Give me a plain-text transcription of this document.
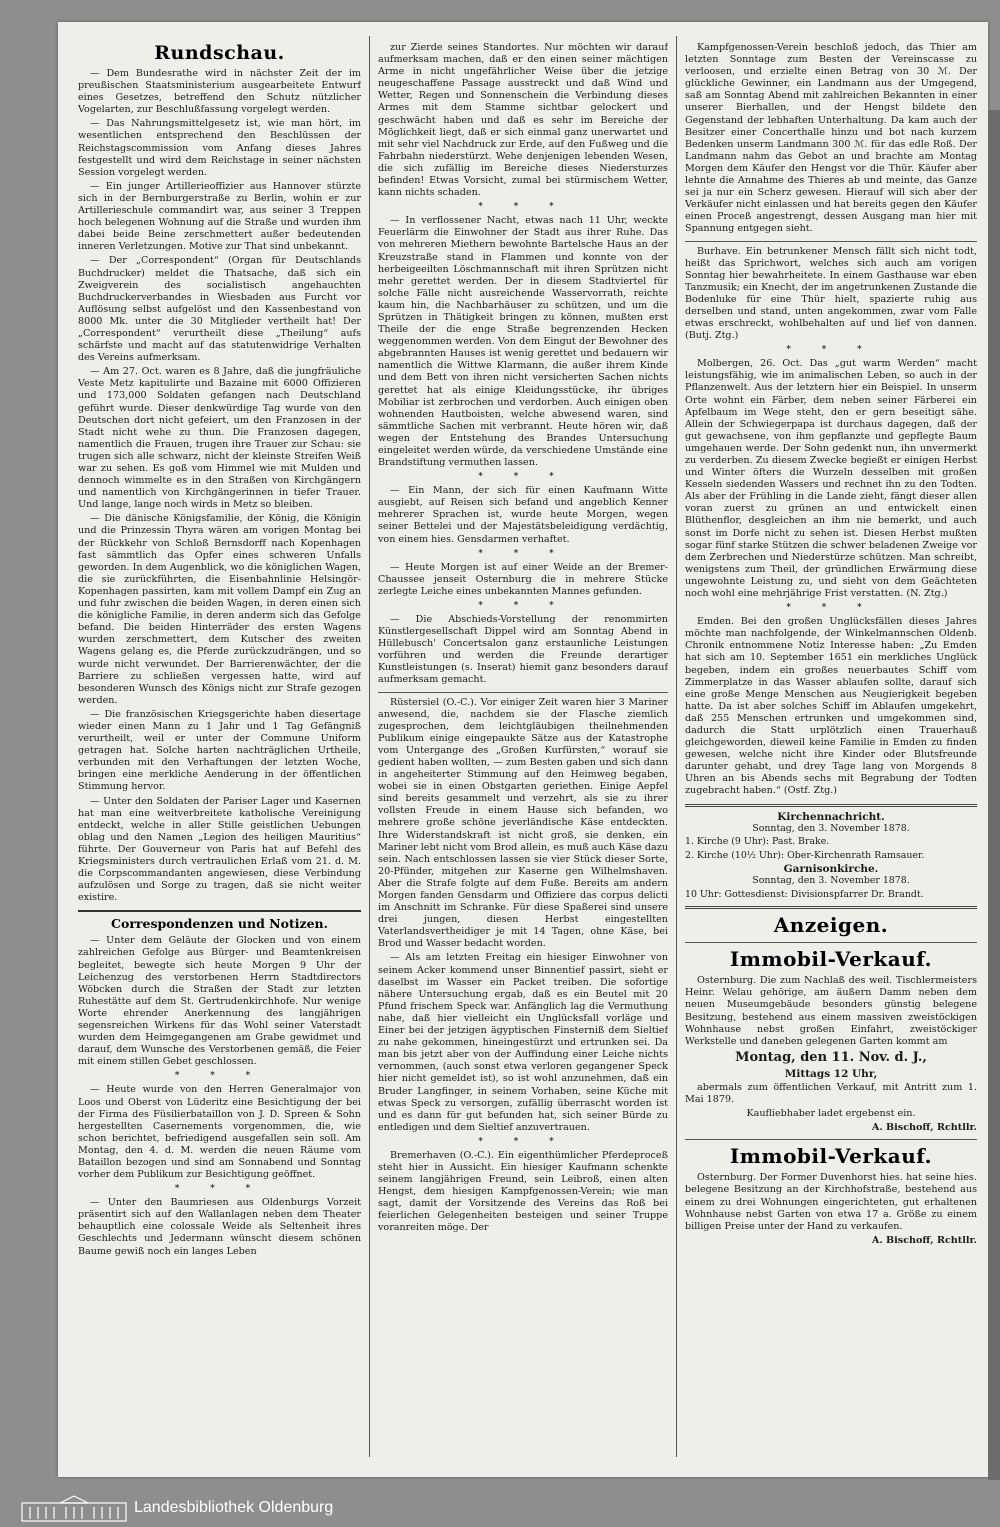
Rundschau.

— Dem Bundesrathe wird in nächster Zeit der im preußischen Staatsministerium ausgearbeitete Entwurf eines Gesetzes, betreffend den Schutz nützlicher Vogelarten, zur Beschlußfassung vorgelegt werden.

— Das Nahrungsmittelgesetz ist, wie man hört, im wesentlichen entsprechend den Beschlüssen der Reichstagscommission vom Anfang dieses Jahres festgestellt und wird dem Reichstage in seiner nächsten Session vorgelegt werden.

— Ein junger Artillerieoffizier aus Hannover stürzte sich in der Bernburgerstraße zu Berlin, wohin er zur Artillerieschule commandirt war, aus seiner 3 Treppen hoch belegenen Wohnung auf die Straße und wurden ihm dabei beide Beine zerschmettert außer bedeutenden inneren Verletzungen. Motive zur That sind unbekannt.

— Der „Correspondent“ (Organ für Deutschlands Buchdrucker) meldet die Thatsache, daß sich ein Zweigverein des socialistisch angehauchten Buchdruckerverbandes in Wiesbaden aus Furcht vor Auflösung selbst aufgelöst und den Kassenbestand von 8000 Mk. unter die 30 Mitglieder vertheilt hat! Der „Correspondent“ verurtheilt diese „Theilung“ aufs schärfste und macht auf das statutenwidrige Verhalten des Vereins aufmerksam.

— Am 27. Oct. waren es 8 Jahre, daß die jungfräuliche Veste Metz kapitulirte und Bazaine mit 6000 Offizieren und 173,000 Soldaten gefangen nach Deutschland geführt wurde. Dieser denkwürdige Tag wurde von den Deutschen dort nicht gefeiert, um den Franzosen in der Stadt nicht wehe zu thun. Die Franzosen dagegen, namentlich die Frauen, trugen ihre Trauer zur Schau: sie trugen sich alle schwarz, nicht der kleinste Streifen Weiß war zu sehen. Es goß vom Himmel wie mit Mulden und dennoch wimmelte es in den Straßen von Kirchgängern und namentlich von Kirchgängerinnen in tiefer Trauer. Und lange, lange noch wirds in Metz so bleiben.

— Die dänische Königsfamilie, der König, die Königin und die Prinzessin Thyra wären am vorigen Montag bei der Rückkehr von Schloß Bernsdorff nach Kopenhagen fast sämmtlich das Opfer eines schweren Unfalls geworden. In dem Augenblick, wo die königlichen Wagen, die sie zurückführten, die Eisenbahnlinie Helsingör-Kopenhagen passirten, kam mit vollem Dampf ein Zug an und fuhr zwischen die beiden Wagen, in deren einen sich die königliche Familie, in deren anderm sich das Gefolge befand. Die beiden Hinterräder des ersten Wagens wurden zerschmettert, dem Kutscher des zweiten Wagens gelang es, die Pferde zurückzudrängen, und so wurde nicht verwundet. Der Barrierenwächter, der die Barriere zu schließen vergessen hatte, wird auf besonderen Wunsch des Königs nicht zur Strafe gezogen werden.

— Die französischen Kriegsgerichte haben diesertage wieder einen Mann zu 1 Jahr und 1 Tag Gefängniß verurtheilt, weil er unter der Commune Uniform getragen hat. Solche harten nachträglichen Urtheile, verbunden mit den Verhaftungen der letzten Woche, bringen eine merkliche Aenderung in der öffentlichen Stimmung hervor.

— Unter den Soldaten der Pariser Lager und Kasernen hat man eine weitverbreitete katholische Vereinigung entdeckt, welche in aller Stille geistlichen Uebungen oblag und den Namen „Legion des heiligen Mauritius“ führte. Der Gouverneur von Paris hat auf Befehl des Kriegsministers durch vertraulichen Erlaß vom 21. d. M. die Corpscommandanten angewiesen, diese Verbindung aufzulösen und Sorge zu tragen, daß sie nicht weiter existire.

Correspondenzen und Notizen.

— Unter dem Geläute der Glocken und von einem zahlreichen Gefolge aus Bürger- und Beamtenkreisen begleitet, bewegte sich heute Morgen 9 Uhr der Leichenzug des verstorbenen Herrn Stadtdirectors Wöbcken durch die Straßen der Stadt zur letzten Ruhestätte auf dem St. Gertrudenkirchhofe. Nur wenige Worte ehrender Anerkennung des langjährigen segensreichen Wirkens für das Wohl seiner Vaterstadt wurden dem Heimgegangenen am Grabe gewidmet und darauf, dem Wunsche des Verstorbenen gemäß, die Feier mit einem stillen Gebet geschlossen.

* * *

— Heute wurde von den Herren Generalmajor von Loos und Oberst von Lüderitz eine Besichtigung der bei der Firma des Füsilierbataillon von J. D. Spreen & Sohn hergestellten Casernements vorgenommen, die, wie schon berichtet, befriedigend ausgefallen sein soll. Am Montag, den 4. d. M. werden die neuen Räume vom Bataillon bezogen und sind am Sonnabend und Sonntag vorher dem Publikum zur Besichtigung geöffnet.

* * *

— Unter den Baumriesen aus Oldenburgs Vorzeit präsentirt sich auf den Wallanlagen neben dem Theater behauptlich eine colossale Weide als Seltenheit ihres Geschlechts und Jedermann wünscht diesem schönen Baume gewiß noch ein langes Leben

zur Zierde seines Standortes. Nur möchten wir darauf aufmerksam machen, daß er den einen seiner mächtigen Arme in nicht ungefährlicher Weise über die jetzige neugeschaffene Passage ausstreckt und daß Wind und Wetter, Regen und Sonnenschein die Verbindung dieses Armes mit dem Stamme sichtbar gelockert und geschwächt haben und daß es sehr im Bereiche der Möglichkeit liegt, daß er sich einmal ganz unerwartet und mit sehr viel Nachdruck zur Erde, auf den Fußweg und die Fahrbahn niederstürzt. Wehe denjenigen lebenden Wesen, die sich zufällig im Bereiche dieses Niedersturzes befinden! Etwas Vorsicht, zumal bei stürmischem Wetter, kann nichts schaden.

* * *

— In verflossener Nacht, etwas nach 11 Uhr, weckte Feuerlärm die Einwohner der Stadt aus ihrer Ruhe. Das von mehreren Miethern bewohnte Bartelsche Haus an der Kreuzstraße stand in Flammen und konnte von der herbeigeeilten Löschmannschaft mit ihren Sprützen nicht mehr gerettet werden. Der in diesem Stadtviertel für solche Fälle nicht ausreichende Wasservorrath, reichte kaum hin, die Nachbarhäuser zu schützen, und um die Sprützen in Thätigkeit bringen zu können, mußten erst Theile der die enge Straße begrenzenden Hecken weggenommen werden. Von dem Eingut der Bewohner des abgebrannten Hauses ist wenig gerettet und bedauern wir namentlich die Wittwe Klarmann, die außer ihrem Kinde und dem Bett von ihren nicht versicherten Sachen nichts gerettet hat als einige Kleidungsstücke, ihr übriges Mobiliar ist zerbrochen und verdorben. Auch einigen oben wohnenden Hautboisten, welche abwesend waren, sind sämmtliche Sachen mit verbrannt. Heute hören wir, daß wegen der Entstehung des Brandes Untersuchung eingeleitet werden würde, da verschiedene Umstände eine Brandstiftung vermuthen lassen.

* * *

— Ein Mann, der sich für einen Kaufmann Witte ausgiebt, auf Reisen sich befand und angeblich Kenner mehrerer Sprachen ist, wurde heute Morgen, wegen seiner Bettelei und der Majestätsbeleidigung verdächtig, von einem hies. Gensdarmen verhaftet.

* * *

— Heute Morgen ist auf einer Weide an der Bremer-Chaussee jenseit Osternburg die in mehrere Stücke zerlegte Leiche eines unbekannten Mannes gefunden.

* * *

— Die Abschieds-Vorstellung der renommirten Künstlergesellschaft Dippel wird am Sonntag Abend in Hüllebusch' Concertsalon ganz erstaunliche Leistungen vorführen und werden die Freunde derartiger Kunstleistungen (s. Inserat) hiemit ganz besonders darauf aufmerksam gemacht.

Rüstersiel (O.-C.). Vor einiger Zeit waren hier 3 Mariner anwesend, die, nachdem sie der Flasche ziemlich zugesprochen, dem leichtgläubigen theilnehmenden Publikum einige eingepaukte Sätze aus der Katastrophe vom Untergange des „Großen Kurfürsten,“ worauf sie gedient haben wollten, — zum Besten gaben und sich dann in angeheiterter Stimmung auf den Heimweg begaben, wobei sie in einen Obstgarten geriethen. Einige Aepfel sind bereits gesammelt und verzehrt, als sie zu ihrer vollsten Freude in einem Hause sich befanden, wo mehrere große schöne jeverländische Käse entdeckten. Ihre Widerstandskraft ist nicht groß, sie denken, ein Mariner lebt nicht vom Brod allein, es muß auch Käse dazu sein. Nach entschlossen lassen sie vier Stück dieser Sorte, 20-Pfünder, mitgehen zur Kaserne gen Wilhelmshaven. Aber die Strafe folgte auf dem Fuße. Bereits am andern Morgen fanden Gensdarm und Offiziere das corpus delicti im Anschnitt im Schranke. Für diese Spaßerei sind unsere drei jungen, diesen Herbst eingestellten Vaterlandsvertheidiger je mit 14 Tagen, ohne Käse, bei Brod und Wasser bedacht worden.

— Als am letzten Freitag ein hiesiger Einwohner von seinem Acker kommend unser Binnentief passirt, sieht er daselbst im Wasser ein Packet treiben. Die sofortige nähere Untersuchung ergab, daß es ein Beutel mit 20 Pfund frischem Speck war. Anfänglich lag die Vermuthung nahe, daß hier vielleicht ein Unglücksfall vorläge und Einer bei der jetzigen ägyptischen Finsterniß dem Sieltief zu nahe gekommen, hineingestürzt und ertrunken sei. Da man bis jetzt aber von der Auffindung einer Leiche nichts vernommen, (auch sonst etwa verloren gegangener Speck hier nicht gemeldet ist), so ist wohl anzunehmen, daß ein Bruder Langfinger, in seinem Vorhaben, seine Küche mit etwas Speck zu versorgen, zufällig überrascht worden ist und es dann für gut befunden hat, sich seiner Bürde zu entledigen und dem Sieltief anzuvertrauen.

* * *

Bremerhaven (O.-C.). Ein eigenthümlicher Pferdeproceß steht hier in Aussicht. Ein hiesiger Kaufmann schenkte seinem langjährigen Freund, sein Leibroß, einen alten Hengst, dem hiesigen Kampfgenossen-Verein; wie man sagt, damit der Vorsitzende des Vereins das Roß bei feierlichen Gelegenheiten besteigen und seiner Truppe voranreiten möge. Der

Kampfgenossen-Verein beschloß jedoch, das Thier am letzten Sonntage zum Besten der Vereinscasse zu verloosen, und erzielte einen Betrag von 30 ℳ. Der glückliche Gewinner, ein Landmann aus der Umgegend, saß am Sonntag Abend mit zahlreichen Bekannten in einer unserer Bierhallen, und der Hengst bildete den Gegenstand der lebhaften Unterhaltung. Da kam auch der Besitzer einer Concerthalle hinzu und bot nach kurzem Bedenken unserm Landmann 300 ℳ. für das edle Roß. Der Landmann nahm das Gebot an und brachte am Montag Morgen dem Käufer den Hengst vor die Thür. Käufer aber lehnte die Annahme des Thieres ab und meinte, das Ganze sei ja nur ein Scherz gewesen. Hierauf will sich aber der Verkäufer nicht einlassen und hat bereits gegen den Käufer einen Proceß angestrengt, dessen Ausgang man hier mit Spannung entgegen sieht.

Burhave. Ein betrunkener Mensch fällt sich nicht todt, heißt das Sprichwort, welches sich auch am vorigen Sonntag hier bewahrheitete. In einem Gasthause war eben Tanzmusik; ein Knecht, der im angetrunkenen Zustande die Bodenluke für eine Thür hielt, spazierte ruhig aus derselben und stand, unten angekommen, zwar vom Falle etwas erschreckt, wohlbehalten auf und lief von dannen. (Butj. Ztg.)

* * *

Molbergen, 26. Oct. Das „gut warm Werden“ macht leistungsfähig, wie im animalischen Leben, so auch in der Pflanzenwelt. Aus der letztern hier ein Beispiel. In unserm Orte wohnt ein Färber, dem neben seiner Färberei ein Apfelbaum im Wege steht, den er gern beseitigt sähe. Allein der Schwiegerpapa ist durchaus dagegen, daß der gut gewachsene, von ihm gepflanzte und gepflegte Baum umgehauen werde. Der Sohn gedenkt nun, ihn unvermerkt zu verderben. Zu diesem Zwecke begießt er einigen Herbst und Winter öfters die Wurzeln desselben mit großen Kesseln siedenden Wassers und rechnet ihn zu den Todten. Als aber der Frühling in die Lande zieht, fängt dieser allen voran zuerst zu grünen an und entwickelt einen Blüthenflor, desgleichen an ihm nie bemerkt, und auch sonst im Dorfe nicht zu sehen ist. Diesen Herbst mußten sogar fünf starke Stützen die schwer beladenen Zweige vor dem Zerbrechen und Niederstürze schützen. Man schreibt, wenigstens zum Theil, der gründlichen Erwärmung diese ungewohnte Leistung zu, und sieht von dem Geächteten noch wohl eine mehrjährige Frist verstatten. (N. Ztg.)

* * *

Emden. Bei den großen Unglücksfällen dieses Jahres möchte man nachfolgende, der Winkelmannschen Oldenb. Chronik entnommene Notiz Interesse haben: „Zu Emden hat sich am 10. September 1651 ein merkliches Unglück begeben, indem ein großes neuerbautes Schiff vom Zimmerplatze in das Wasser ablaufen sollte, darauf sich eine große Menge Menschen aus Neugierigkeit begeben hatte. Da ist aber solches Schiff im Ablaufen umgekehrt, daß 255 Menschen ertrunken und umgekommen sind, dadurch die Statt urplötzlich einen Trauerhauß gleichgeworden, dieweil keine Familie in Emden zu finden gewesen, welche nicht ihre Kinder oder Blutsfreunde darunter gehabt, und drey Tage lang von Morgends 8 Uhren an bis Abends sechs mit Begrabung der Todten zugebracht haben.“ (Ostf. Ztg.)

Kirchennachricht.

Sonntag, den 3. November 1878.

1. Kirche (9 Uhr): Past. Brake.

2. Kirche (10½ Uhr): Ober-Kirchenrath Ramsauer.

Garnisonkirche.

Sonntag, den 3. November 1878.

10 Uhr: Gottesdienst: Divisionspfarrer Dr. Brandt.

Anzeigen.
Immobil-Verkauf.

Osternburg. Die zum Nachlaß des weil. Tischlermeisters Heinr. Welau gehörige, am äußern Damm neben dem neuen Museumgebäude besonders günstig belegene Besitzung, bestehend aus einem massiven zweistöckigen Wohnhause nebst großen Einfahrt, zweistöckiger Werkstelle und daneben gelegenen Garten kommt am

Montag, den 11. Nov. d. J.,

Mittags 12 Uhr,

abermals zum öffentlichen Verkauf, mit Antritt zum 1. Mai 1879.

Kaufliebhaber ladet ergebenst ein.

A. Bischoff, Rchtllr.

Immobil-Verkauf.

Osternburg. Der Former Duvenhorst hies. hat seine hies. belegene Besitzung an der Kirchhofstraße, bestehend aus einem zu drei Wohnungen eingerichteten, gut erhaltenen Wohnhause nebst Garten von etwa 17 a. Größe zu einem billigen Preise unter der Hand zu verkaufen.

A. Bischoff, Rchtllr.

Landesbibliothek Oldenburg
